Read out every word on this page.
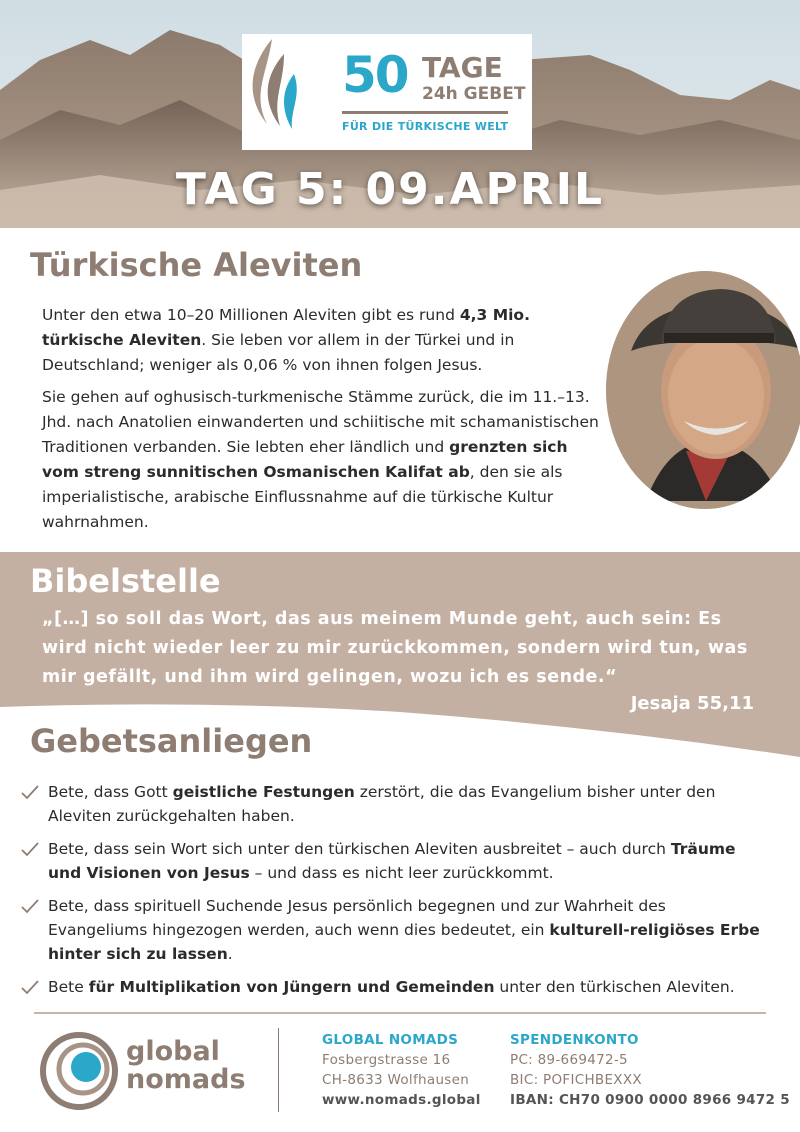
50 TAGE
24h GEBET
FÜR DIE TÜRKISCHE WELT
TAG 5: 09.APRIL
Türkische Aleviten

Unter den etwa 10–20 Millionen Aleviten gibt es rund 4,3 Mio. türkische Aleviten. Sie leben vor allem in der Türkei und in Deutschland; weniger als 0,06 % von ihnen folgen Jesus.

Sie gehen auf oghusisch-turkmenische Stämme zurück, die im 11.–13. Jhd. nach Anatolien einwanderten und schiitische mit schamanistischen Traditionen verbanden. Sie lebten eher ländlich und grenzten sich vom streng sunnitischen Osmanischen Kalifat ab, den sie als imperialistische, arabische Einflussnahme auf die türkische Kultur wahrnahmen.

Bibelstelle
„[…] so soll das Wort, das aus meinem Munde geht, auch sein: Es wird nicht wieder leer zu mir zurückkommen, sondern wird tun, was mir gefällt, und ihm wird gelingen, wozu ich es sende.“
Jesaja 55,11
Gebetsanliegen
Bete, dass Gott geistliche Festungen zerstört, die das Evangelium bisher unter den Aleviten zurückgehalten haben.
Bete, dass sein Wort sich unter den türkischen Aleviten ausbreitet – auch durch Träume und Visionen von Jesus – und dass es nicht leer zurückkommt.
Bete, dass spirituell Suchende Jesus persönlich begegnen und zur Wahrheit des Evangeliums hingezogen werden, auch wenn dies bedeutet, ein kulturell-religiöses Erbe hinter sich zu lassen.
Bete für Multiplikation von Jüngern und Gemeinden unter den türkischen Aleviten.
global
nomads
GLOBAL NOMADS
Fosbergstrasse 16
CH-8633 Wolfhausen
www.nomads.global
SPENDENKONTO
PC: 89-669472-5
BIC: POFICHBEXXX
IBAN: CH70 0900 0000 8966 9472 5
